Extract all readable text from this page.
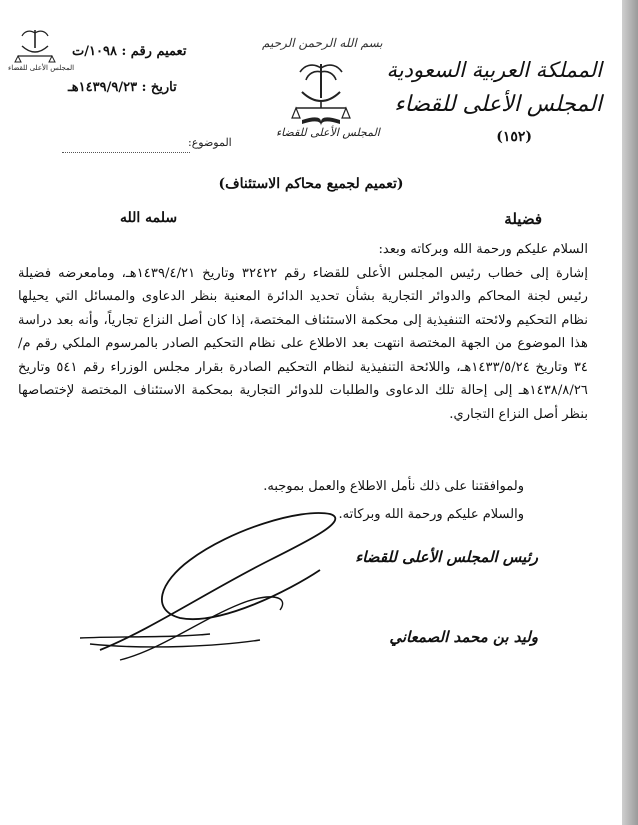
المملكة العربية السعودية
المجلس الأعلى للقضاء
(١٥٢)
بسم الله الرحمن الرحيم
المجلس الأعلى للقضاء
المجلس الأعلى للقضاء
تعميم رقم : ١٠٩٨/ت
تاريخ : ١٤٣٩/٩/٢٣هـ
الموضوع:
(تعميم لجميع محاكم الاستئناف)
فضيلة
سلمه الله

السلام عليكم ورحمة الله وبركاته وبعد:

إشارة إلى خطاب رئيس المجلس الأعلى للقضاء رقم ٣٢٤٢٢ وتاريخ ١٤٣٩/٤/٢١هـ، ومامعرضه فضيلة رئيس لجنة المحاكم والدوائر التجارية بشأن تحديد الدائرة المعنية بنظر الدعاوى والمسائل التي يحيلها نظام التحكيم ولائحته التنفيذية إلى محكمة الاستئناف المختصة، إذا كان أصل النزاع تجارياً، وأنه بعد دراسة هذا الموضوع من الجهة المختصة انتهت بعد الاطلاع على نظام التحكيم الصادر بالمرسوم الملكي رقم م/٣٤ وتاريخ ١٤٣٣/٥/٢٤هـ، واللائحة التنفيذية لنظام التحكيم الصادرة بقرار مجلس الوزراء رقم ٥٤١ وتاريخ ١٤٣٨/٨/٢٦هـ إلى إحالة تلك الدعاوى والطلبات للدوائر التجارية بمحكمة الاستئناف المختصة لإختصاصها بنظر أصل النزاع التجاري.

ولموافقتنا على ذلك نأمل الاطلاع والعمل بموجبه.
والسلام عليكم ورحمة الله وبركاته.
رئيس المجلس الأعلى للقضاء
وليد بن محمد الصمعاني
